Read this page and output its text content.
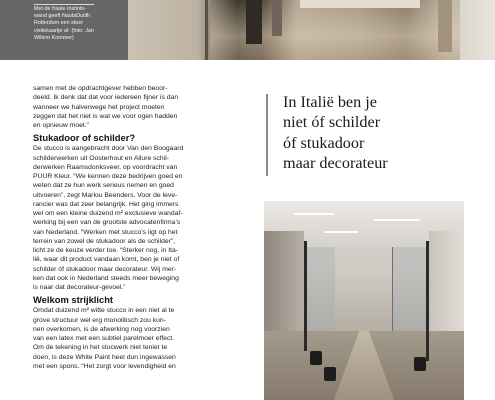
Met de fraaie Instinto-
wand geeft NautaDutilh
Rotterdam een stoer
visitekaartje af. (foto: Jan
Willem Kommer)

samen met de opdrachtgever hebben beoor-
deeld. Ik denk dat dat voor iedereen fijner is dan
wanneer we halverwege het project moeten
zeggen dat het niet is wat we voor ogen hadden
en opnieuw moet.”

Stukadoor of schilder?

De stucco is aangebracht door Van den Boogaard
schilderwerken uit Oosterhout en Allure schil-
derwerken Raamsdonksveer, op voordracht van
PUUR Kleur. “We kennen deze bedrijven goed en
weten dat ze hun werk serieus nemen en goed
uitvoeren”, zegt Marlou Beenders. Voor de leve-
rancier was dat zeer belangrijk. Het ging immers
wel om een kleine duizend m² exclusieve wandaf-
werking bij een van de grootste advocatenfirma’s
van Nederland. “Werken met stucco’s ligt op het
terrein van zowel de stukadoor als de schilder”,
licht ze de keuze verder toe. “Sterker nog, in Ita-
lië, waar dit product vandaan komt, ben je niet of
schilder óf stukadoor maar decorateur. Wij mer-
ken dat ook in Nederland steeds meer beweging
is naar dat decorateur-gevoel.”

Welkom strijklicht

Omdat duizend m² witte stucco in een niet al te
grove structuur wel erg monolitisch zou kun-
nen overkomen, is de afwerking nog voorzien
van een latex met een subtiel parelmoer effect.
Om de tekening in het stucwerk niet teniet te
doen, is deze White Paint heel dun ingewassen
met een spons. “Het zorgt voor levendigheid en

In Italië ben je
niet óf schilder
óf stukadoor
maar decorateur
